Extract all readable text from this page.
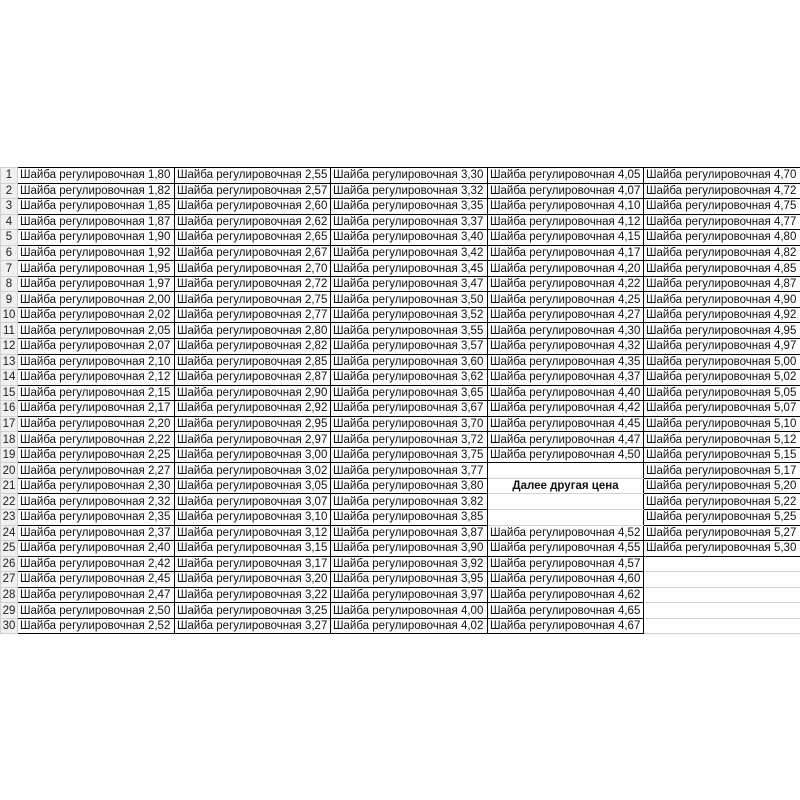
1	Шайба регулировочная 1,80	Шайба регулировочная 2,55	Шайба регулировочная 3,30	Шайба регулировочная 4,05	Шайба регулировочная 4,70
2	Шайба регулировочная 1,82	Шайба регулировочная 2,57	Шайба регулировочная 3,32	Шайба регулировочная 4,07	Шайба регулировочная 4,72
3	Шайба регулировочная 1,85	Шайба регулировочная 2,60	Шайба регулировочная 3,35	Шайба регулировочная 4,10	Шайба регулировочная 4,75
4	Шайба регулировочная 1,87	Шайба регулировочная 2,62	Шайба регулировочная 3,37	Шайба регулировочная 4,12	Шайба регулировочная 4,77
5	Шайба регулировочная 1,90	Шайба регулировочная 2,65	Шайба регулировочная 3,40	Шайба регулировочная 4,15	Шайба регулировочная 4,80
6	Шайба регулировочная 1,92	Шайба регулировочная 2,67	Шайба регулировочная 3,42	Шайба регулировочная 4,17	Шайба регулировочная 4,82
7	Шайба регулировочная 1,95	Шайба регулировочная 2,70	Шайба регулировочная 3,45	Шайба регулировочная 4,20	Шайба регулировочная 4,85
8	Шайба регулировочная 1,97	Шайба регулировочная 2,72	Шайба регулировочная 3,47	Шайба регулировочная 4,22	Шайба регулировочная 4,87
9	Шайба регулировочная 2,00	Шайба регулировочная 2,75	Шайба регулировочная 3,50	Шайба регулировочная 4,25	Шайба регулировочная 4,90
10	Шайба регулировочная 2,02	Шайба регулировочная 2,77	Шайба регулировочная 3,52	Шайба регулировочная 4,27	Шайба регулировочная 4,92
11	Шайба регулировочная 2,05	Шайба регулировочная 2,80	Шайба регулировочная 3,55	Шайба регулировочная 4,30	Шайба регулировочная 4,95
12	Шайба регулировочная 2,07	Шайба регулировочная 2,82	Шайба регулировочная 3,57	Шайба регулировочная 4,32	Шайба регулировочная 4,97
13	Шайба регулировочная 2,10	Шайба регулировочная 2,85	Шайба регулировочная 3,60	Шайба регулировочная 4,35	Шайба регулировочная 5,00
14	Шайба регулировочная 2,12	Шайба регулировочная 2,87	Шайба регулировочная 3,62	Шайба регулировочная 4,37	Шайба регулировочная 5,02
15	Шайба регулировочная 2,15	Шайба регулировочная 2,90	Шайба регулировочная 3,65	Шайба регулировочная 4,40	Шайба регулировочная 5,05
16	Шайба регулировочная 2,17	Шайба регулировочная 2,92	Шайба регулировочная 3,67	Шайба регулировочная 4,42	Шайба регулировочная 5,07
17	Шайба регулировочная 2,20	Шайба регулировочная 2,95	Шайба регулировочная 3,70	Шайба регулировочная 4,45	Шайба регулировочная 5,10
18	Шайба регулировочная 2,22	Шайба регулировочная 2,97	Шайба регулировочная 3,72	Шайба регулировочная 4,47	Шайба регулировочная 5,12
19	Шайба регулировочная 2,25	Шайба регулировочная 3,00	Шайба регулировочная 3,75	Шайба регулировочная 4,50	Шайба регулировочная 5,15
20	Шайба регулировочная 2,27	Шайба регулировочная 3,02	Шайба регулировочная 3,77		Шайба регулировочная 5,17
21	Шайба регулировочная 2,30	Шайба регулировочная 3,05	Шайба регулировочная 3,80	Далее другая цена	Шайба регулировочная 5,20
22	Шайба регулировочная 2,32	Шайба регулировочная 3,07	Шайба регулировочная 3,82		Шайба регулировочная 5,22
23	Шайба регулировочная 2,35	Шайба регулировочная 3,10	Шайба регулировочная 3,85		Шайба регулировочная 5,25
24	Шайба регулировочная 2,37	Шайба регулировочная 3,12	Шайба регулировочная 3,87	Шайба регулировочная 4,52	Шайба регулировочная 5,27
25	Шайба регулировочная 2,40	Шайба регулировочная 3,15	Шайба регулировочная 3,90	Шайба регулировочная 4,55	Шайба регулировочная 5,30
26	Шайба регулировочная 2,42	Шайба регулировочная 3,17	Шайба регулировочная 3,92	Шайба регулировочная 4,57	
27	Шайба регулировочная 2,45	Шайба регулировочная 3,20	Шайба регулировочная 3,95	Шайба регулировочная 4,60	
28	Шайба регулировочная 2,47	Шайба регулировочная 3,22	Шайба регулировочная 3,97	Шайба регулировочная 4,62	
29	Шайба регулировочная 2,50	Шайба регулировочная 3,25	Шайба регулировочная 4,00	Шайба регулировочная 4,65	
30	Шайба регулировочная 2,52	Шайба регулировочная 3,27	Шайба регулировочная 4,02	Шайба регулировочная 4,67	
